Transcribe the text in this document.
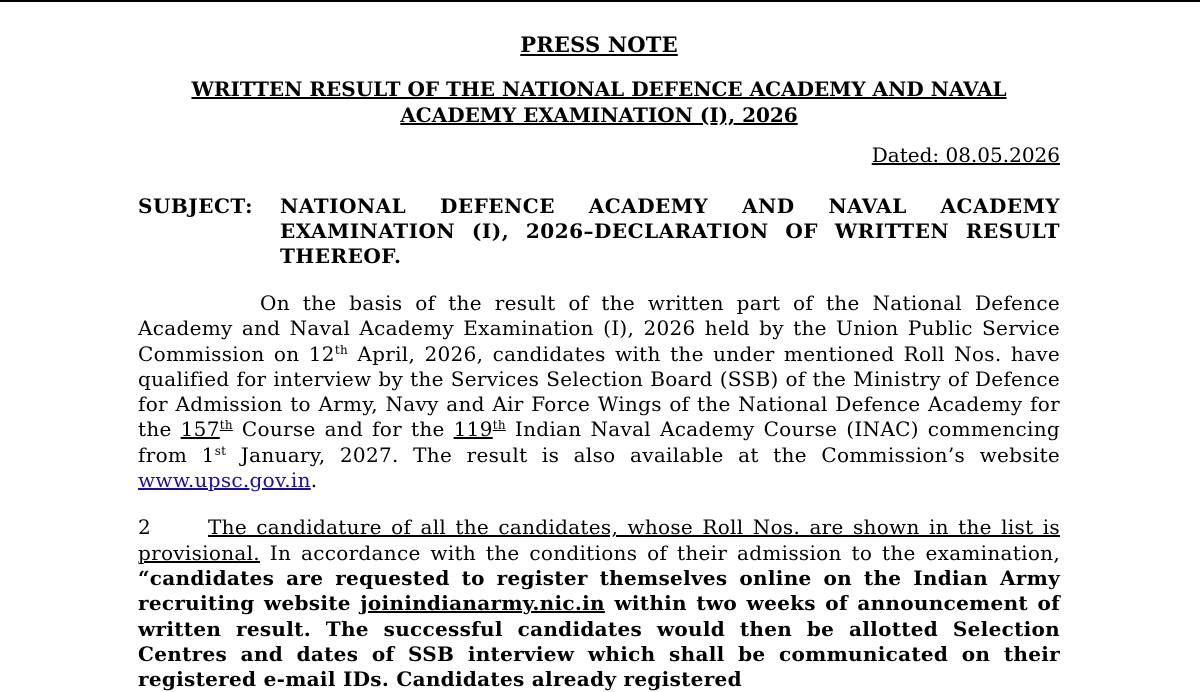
PRESS NOTE
WRITTEN RESULT OF THE NATIONAL DEFENCE ACADEMY AND NAVAL
ACADEMY EXAMINATION (I), 2026
Dated: 08.05.2026
SUBJECT:	NATIONAL DEFENCE ACADEMY AND NAVAL ACADEMY EXAMINATION (I), 2026–DECLARATION OF WRITTEN RESULT THEREOF.

On the basis of the result of the written part of the National Defence Academy and Naval Academy Examination (I), 2026 held by the Union Public Service Commission on 12th April, 2026, candidates with the under mentioned Roll Nos. have qualified for interview by the Services Selection Board (SSB) of the Ministry of Defence for Admission to Army, Navy and Air Force Wings of the National Defence Academy for the 157th Course and for the 119th Indian Naval Academy Course (INAC) commencing from 1st January, 2027. The result is also available at the Commission’s website www.upsc.gov.in.

2	The candidature of all the candidates, whose Roll Nos. are shown in the list is provisional. In accordance with the conditions of their admission to the examination, “candidates are requested to register themselves online on the Indian Army recruiting website joinindianarmy.nic.in within two weeks of announcement of written result. The successful candidates would then be allotted Selection Centres and dates of SSB interview which shall be communicated on their registered e-mail IDs. Candidates already registered
